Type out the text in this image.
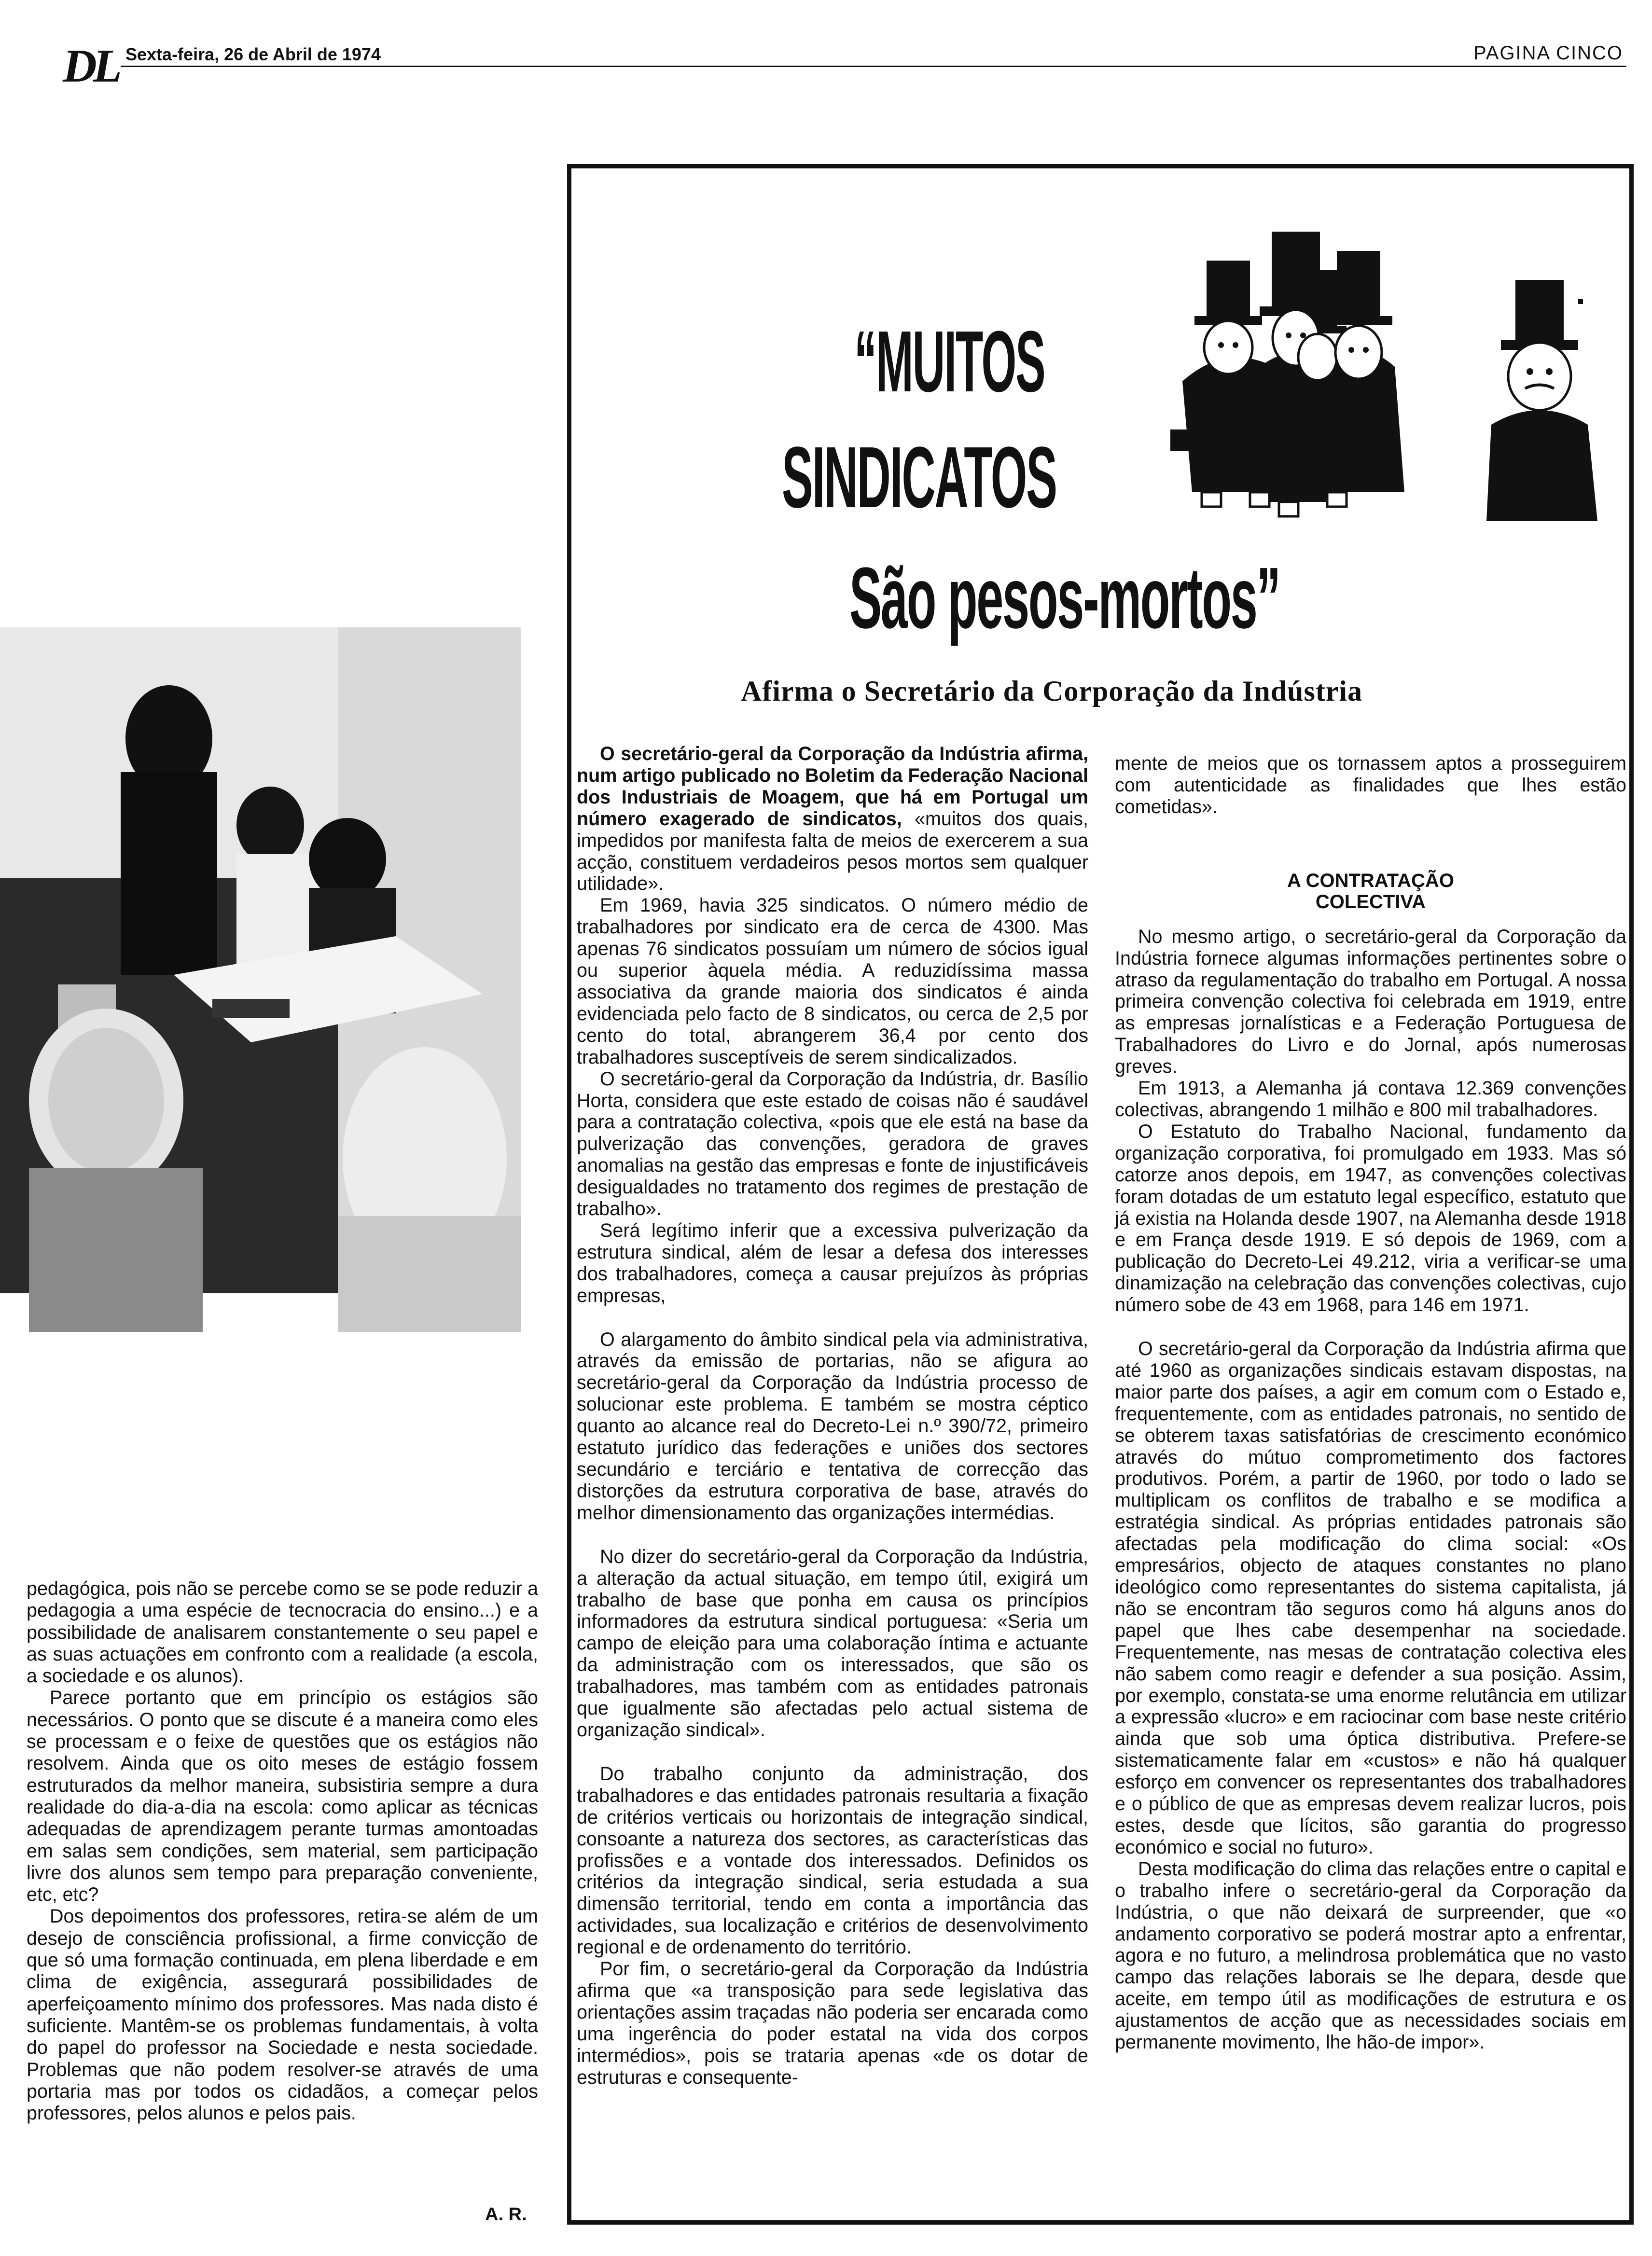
DL Sexta-feira, 26 de Abril de 1974	PAGINA CINCO

pedagógica, pois não se percebe como se se pode reduzir a pedagogia a uma espécie de tecnocracia do ensino...) e a possibilidade de analisarem constantemente o seu papel e as suas actuações em confronto com a realidade (a escola, a sociedade e os alunos).

Parece portanto que em princípio os estágios são necessários. O ponto que se discute é a maneira como eles se processam e o feixe de questões que os estágios não resolvem. Ainda que os oito meses de estágio fossem estruturados da melhor maneira, subsistiria sempre a dura realidade do dia-a-dia na escola: como aplicar as técnicas adequadas de aprendizagem perante turmas amontoadas em salas sem condições, sem material, sem participação livre dos alunos sem tempo para preparação conveniente, etc, etc?

Dos depoimentos dos professores, retira-se além de um desejo de consciência profissional, a firme convicção de que só uma formação continuada, em plena liberdade e em clima de exigência, assegurará possibilidades de aperfeiçoamento mínimo dos professores. Mas nada disto é suficiente. Mantêm-se os problemas fundamentais, à volta do papel do professor na Sociedade e nesta sociedade. Problemas que não podem resolver-se através de uma portaria mas por todos os cidadãos, a começar pelos professores, pelos alunos e pelos pais.

A. R.
“MUITOS
SINDICATOS
São pesos-mortos”
Afirma o Secretário da Corporação da Indústria

O secretário-geral da Corporação da Indústria afirma, num artigo publicado no Boletim da Federação Nacional dos Industriais de Moagem, que há em Portugal um número exagerado de sindicatos, «muitos dos quais, impedidos por manifesta falta de meios de exercerem a sua acção, constituem verdadeiros pesos mortos sem qualquer utilidade».

Em 1969, havia 325 sindicatos. O número médio de trabalhadores por sindicato era de cerca de 4300. Mas apenas 76 sindicatos possuíam um número de sócios igual ou superior àquela média. A reduzidíssima massa associativa da grande maioria dos sindicatos é ainda evidenciada pelo facto de 8 sindicatos, ou cerca de 2,5 por cento do total, abrangerem 36,4 por cento dos trabalhadores susceptíveis de serem sindicalizados.

O secretário-geral da Corporação da Indústria, dr. Basílio Horta, considera que este estado de coisas não é saudável para a contratação colectiva, «pois que ele está na base da pulverização das convenções, geradora de graves anomalias na gestão das empresas e fonte de injustificáveis desigualdades no tratamento dos regimes de prestação de trabalho».

Será legítimo inferir que a excessiva pulverização da estrutura sindical, além de lesar a defesa dos interesses dos trabalhadores, começa a causar prejuízos às próprias empresas,

O alargamento do âmbito sindical pela via administrativa, através da emissão de portarias, não se afigura ao secretário-geral da Corporação da Indústria processo de solucionar este problema. E também se mostra céptico quanto ao alcance real do Decreto-Lei n.º 390/72, primeiro estatuto jurídico das federações e uniões dos sectores secundário e terciário e tentativa de correcção das distorções da estrutura corporativa de base, através do melhor dimensionamento das organizações intermédias.

No dizer do secretário-geral da Corporação da Indústria, a alteração da actual situação, em tempo útil, exigirá um trabalho de base que ponha em causa os princípios informadores da estrutura sindical portuguesa: «Seria um campo de eleição para uma colaboração íntima e actuante da administração com os interessados, que são os trabalhadores, mas também com as entidades patronais que igualmente são afectadas pelo actual sistema de organização sindical».

Do trabalho conjunto da administração, dos trabalhadores e das entidades patronais resultaria a fixação de critérios verticais ou horizontais de integração sindical, consoante a natureza dos sectores, as características das profissões e a vontade dos interessados. Definidos os critérios da integração sindical, seria estudada a sua dimensão territorial, tendo em conta a importância das actividades, sua localização e critérios de desenvolvimento regional e de ordenamento do território.

Por fim, o secretário-geral da Corporação da Indústria afirma que «a transposição para sede legislativa das orientações assim traçadas não poderia ser encarada como uma ingerência do poder estatal na vida dos corpos intermédios», pois se trataria apenas «de os dotar de estruturas e consequente-

mente de meios que os tornassem aptos a prosseguirem com autenticidade as finalidades que lhes estão cometidas».

A CONTRATAÇÃO
COLECTIVA

No mesmo artigo, o secretário-geral da Corporação da Indústria fornece algumas informações pertinentes sobre o atraso da regulamentação do trabalho em Portugal. A nossa primeira convenção colectiva foi celebrada em 1919, entre as empresas jornalísticas e a Federação Portuguesa de Trabalhadores do Livro e do Jornal, após numerosas greves.

Em 1913, a Alemanha já contava 12.369 convenções colectivas, abrangendo 1 milhão e 800 mil trabalhadores.

O Estatuto do Trabalho Nacional, fundamento da organização corporativa, foi promulgado em 1933. Mas só catorze anos depois, em 1947, as convenções colectivas foram dotadas de um estatuto legal específico, estatuto que já existia na Holanda desde 1907, na Alemanha desde 1918 e em França desde 1919. E só depois de 1969, com a publicação do Decreto-Lei 49.212, viria a verificar-se uma dinamização na celebração das convenções colectivas, cujo número sobe de 43 em 1968, para 146 em 1971.

O secretário-geral da Corporação da Indústria afirma que até 1960 as organizações sindicais estavam dispostas, na maior parte dos países, a agir em comum com o Estado e, frequentemente, com as entidades patronais, no sentido de se obterem taxas satisfatórias de crescimento económico através do mútuo comprometimento dos factores produtivos. Porém, a partir de 1960, por todo o lado se multiplicam os conflitos de trabalho e se modifica a estratégia sindical. As próprias entidades patronais são afectadas pela modificação do clima social: «Os empresários, objecto de ataques constantes no plano ideológico como representantes do sistema capitalista, já não se encontram tão seguros como há alguns anos do papel que lhes cabe desempenhar na sociedade. Frequentemente, nas mesas de contratação colectiva eles não sabem como reagir e defender a sua posição. Assim, por exemplo, constata-se uma enorme relutância em utilizar a expressão «lucro» e em raciocinar com base neste critério ainda que sob uma óptica distributiva. Prefere-se sistematicamente falar em «custos» e não há qualquer esforço em convencer os representantes dos trabalhadores e o público de que as empresas devem realizar lucros, pois estes, desde que lícitos, são garantia do progresso económico e social no futuro».

Desta modificação do clima das relações entre o capital e o trabalho infere o secretário-geral da Corporação da Indústria, o que não deixará de surpreender, que «o andamento corporativo se poderá mostrar apto a enfrentar, agora e no futuro, a melindrosa problemática que no vasto campo das relações laborais se lhe depara, desde que aceite, em tempo útil as modificações de estrutura e os ajustamentos de acção que as necessidades sociais em permanente movimento, lhe hão-de impor».
